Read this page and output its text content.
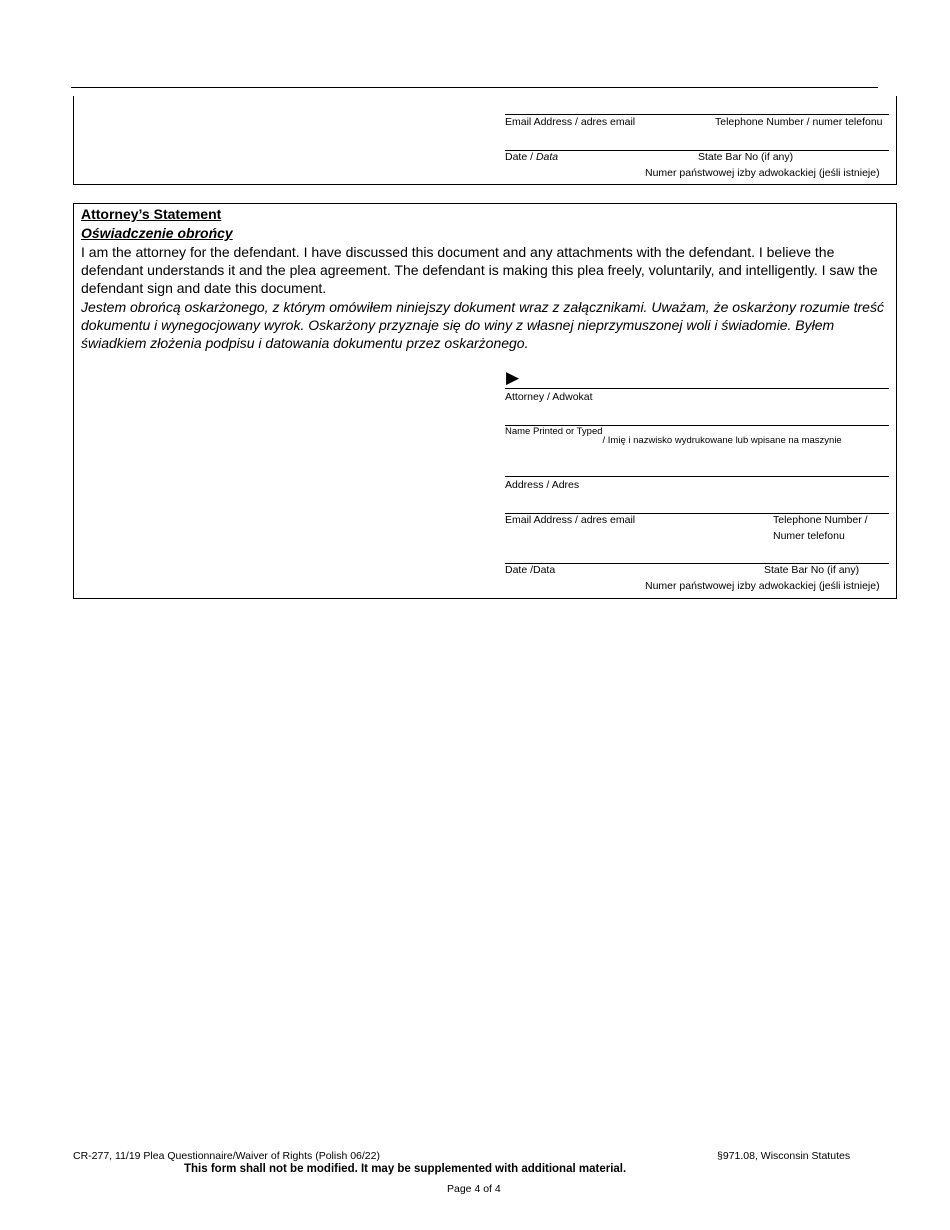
Email Address / adres email	Telephone Number / numer telefonu
Date / Data	State Bar No (if any)
Numer państwowej izby adwokackiej (jeśli istnieje)
Attorney’s Statement
Oświadczenie obrońcy
I am the attorney for the defendant. I have discussed this document and any attachments with the defendant. I believe the defendant understands it and the plea agreement. The defendant is making this plea freely, voluntarily, and intelligently. I saw the defendant sign and date this document.
Jestem obrońcą oskarżonego, z którym omówiłem niniejszy dokument wraz z załącznikami. Uważam, że oskarżony rozumie treść dokumentu i wynegocjowany wyrok. Oskarżony przyznaje się do winy z własnej nieprzymuszonej woli i świadomie. Byłem świadkiem złożenia podpisu i datowania dokumentu przez oskarżonego.
▶
Attorney / Adwokat
$^{Name Printed or Typed}_{/ Imię i nazwisko wydrukowane lub wpisane na maszynie}$
Address / Adres
Email Address / adres email	Telephone Number /
Numer telefonu
Date /Data	State Bar No (if any)
Numer państwowej izby adwokackiej (jeśli istnieje)
CR-277, 11/19 Plea Questionnaire/Waiver of Rights (Polish 06/22)	§971.08, Wisconsin Statutes
This form shall not be modified. It may be supplemented with additional material.
Page 4 of 4
